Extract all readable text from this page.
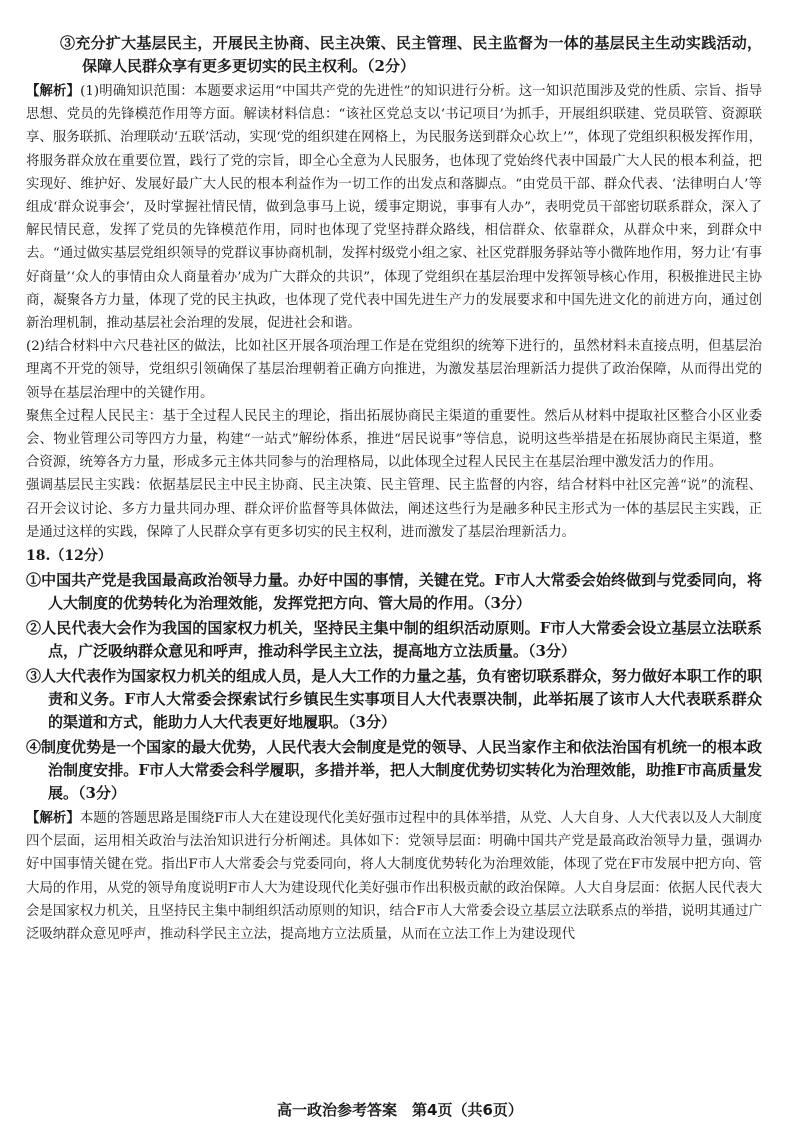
③充分扩大基层民主，开展民主协商、民主决策、民主管理、民主监督为一体的基层民主生动实践活动，保障人民群众享有更多更切实的民主权利。（2分）

【解析】(1)明确知识范围：本题要求运用“中国共产党的先进性”的知识进行分析。这一知识范围涉及党的性质、宗旨、指导思想、党员的先锋模范作用等方面。解读材料信息：“该社区党总支以‘书记项目’为抓手，开展组织联建、党员联管、资源联享、服务联抓、治理联动‘五联’活动，实现‘党的组织建在网格上，为民服务送到群众心坎上’”，体现了党组织积极发挥作用，将服务群众放在重要位置，践行了党的宗旨，即全心全意为人民服务，也体现了党始终代表中国最广大人民的根本利益，把实现好、维护好、发展好最广大人民的根本利益作为一切工作的出发点和落脚点。“由党员干部、群众代表、‘法律明白人’等组成‘群众说事会’，及时掌握社情民情，做到急事马上说，缓事定期说，事事有人办”，表明党员干部密切联系群众，深入了解民情民意，发挥了党员的先锋模范作用，同时也体现了党坚持群众路线，相信群众、依靠群众，从群众中来，到群众中去。“通过做实基层党组织领导的党群议事协商机制，发挥村级党小组之家、社区党群服务驿站等小微阵地作用，努力让‘有事好商量’‘众人的事情由众人商量着办’成为广大群众的共识”，体现了党组织在基层治理中发挥领导核心作用，积极推进民主协商，凝聚各方力量，体现了党的民主执政，也体现了党代表中国先进生产力的发展要求和中国先进文化的前进方向，通过创新治理机制，推动基层社会治理的发展，促进社会和谐。

(2)结合材料中六尺巷社区的做法，比如社区开展各项治理工作是在党组织的统筹下进行的，虽然材料未直接点明，但基层治理离不开党的领导，党组织引领确保了基层治理朝着正确方向推进，为激发基层治理新活力提供了政治保障，从而得出党的领导在基层治理中的关键作用。

聚焦全过程人民民主：基于全过程人民民主的理论，指出拓展协商民主渠道的重要性。然后从材料中提取社区整合小区业委会、物业管理公司等四方力量，构建“一站式”解纷体系，推进“居民说事”等信息，说明这些举措是在拓展协商民主渠道，整合资源，统筹各方力量，形成多元主体共同参与的治理格局，以此体现全过程人民民主在基层治理中激发活力的作用。

强调基层民主实践：依据基层民主中民主协商、民主决策、民主管理、民主监督的内容，结合材料中社区完善“说”的流程、召开会议讨论、多方力量共同办理、群众评价监督等具体做法，阐述这些行为是融多种民主形式为一体的基层民主实践，正是通过这样的实践，保障了人民群众享有更多切实的民主权利，进而激发了基层治理新活力。

18.（12分）

①中国共产党是我国最高政治领导力量。办好中国的事情，关键在党。F市人大常委会始终做到与党委同向，将人大制度的优势转化为治理效能，发挥党把方向、管大局的作用。（3分）

②人民代表大会作为我国的国家权力机关，坚持民主集中制的组织活动原则。F市人大常委会设立基层立法联系点，广泛吸纳群众意见和呼声，推动科学民主立法，提高地方立法质量。（3分）

③人大代表作为国家权力机关的组成人员，是人大工作的力量之基，负有密切联系群众，努力做好本职工作的职责和义务。F市人大常委会探索试行乡镇民生实事项目人大代表票决制，此举拓展了该市人大代表联系群众的渠道和方式，能助力人大代表更好地履职。（3分）

④制度优势是一个国家的最大优势，人民代表大会制度是党的领导、人民当家作主和依法治国有机统一的根本政治制度安排。F市人大常委会科学履职，多措并举，把人大制度优势切实转化为治理效能，助推F市高质量发展。（3分）

【解析】本题的答题思路是围绕F市人大在建设现代化美好强市过程中的具体举措，从党、人大自身、人大代表以及人大制度四个层面，运用相关政治与法治知识进行分析阐述。具体如下：党领导层面：明确中国共产党是最高政治领导力量，强调办好中国事情关键在党。指出F市人大常委会与党委同向，将人大制度优势转化为治理效能，体现了党在F市发展中把方向、管大局的作用，从党的领导角度说明F市人大为建设现代化美好强市作出积极贡献的政治保障。人大自身层面：依据人民代表大会是国家权力机关，且坚持民主集中制组织活动原则的知识，结合F市人大常委会设立基层立法联系点的举措，说明其通过广泛吸纳群众意见呼声，推动科学民主立法，提高地方立法质量，从而在立法工作上为建设现代

高一政治参考答案　第4页（共6页）
